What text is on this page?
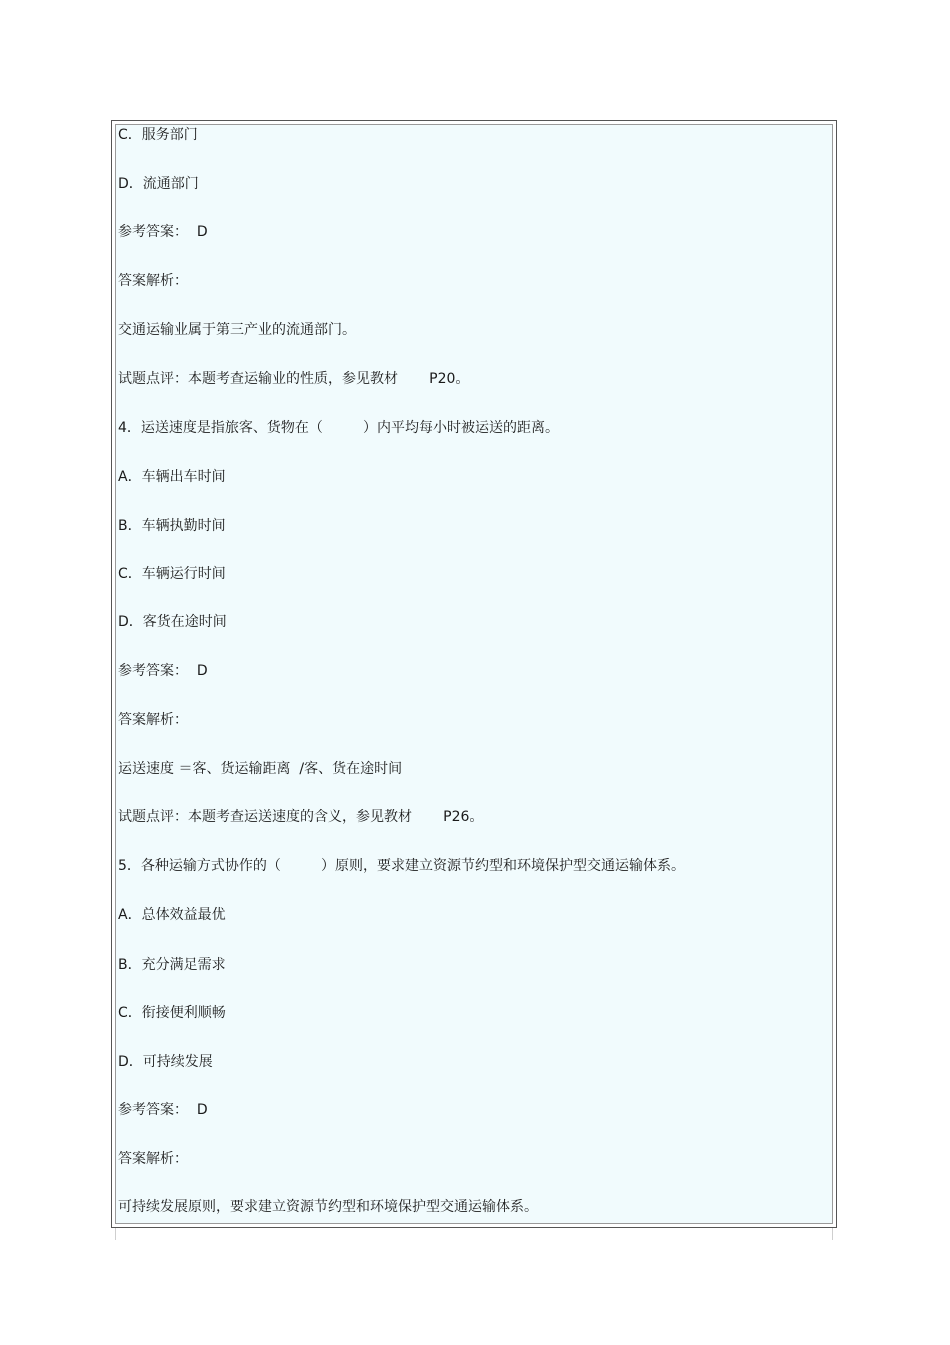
C．服务部门
D．流通部门
参考答案：  D
答案解析：
交通运输业属于第三产业的流通部门。
试题点评：本题考查运输业的性质，参见教材       P20。
4．运送速度是指旅客、货物在（         ）内平均每小时被运送的距离。
A．车辆出车时间
B．车辆执勤时间
C．车辆运行时间
D．客货在途时间
参考答案：  D
答案解析：
运送速度 ＝客、货运输距离  /客、货在途时间
试题点评：本题考查运送速度的含义，参见教材       P26。
5．各种运输方式协作的（         ）原则，要求建立资源节约型和环境保护型交通运输体系。
A．总体效益最优
B．充分满足需求
C．衔接便利顺畅
D．可持续发展
参考答案：  D
答案解析：
可持续发展原则，要求建立资源节约型和环境保护型交通运输体系。
